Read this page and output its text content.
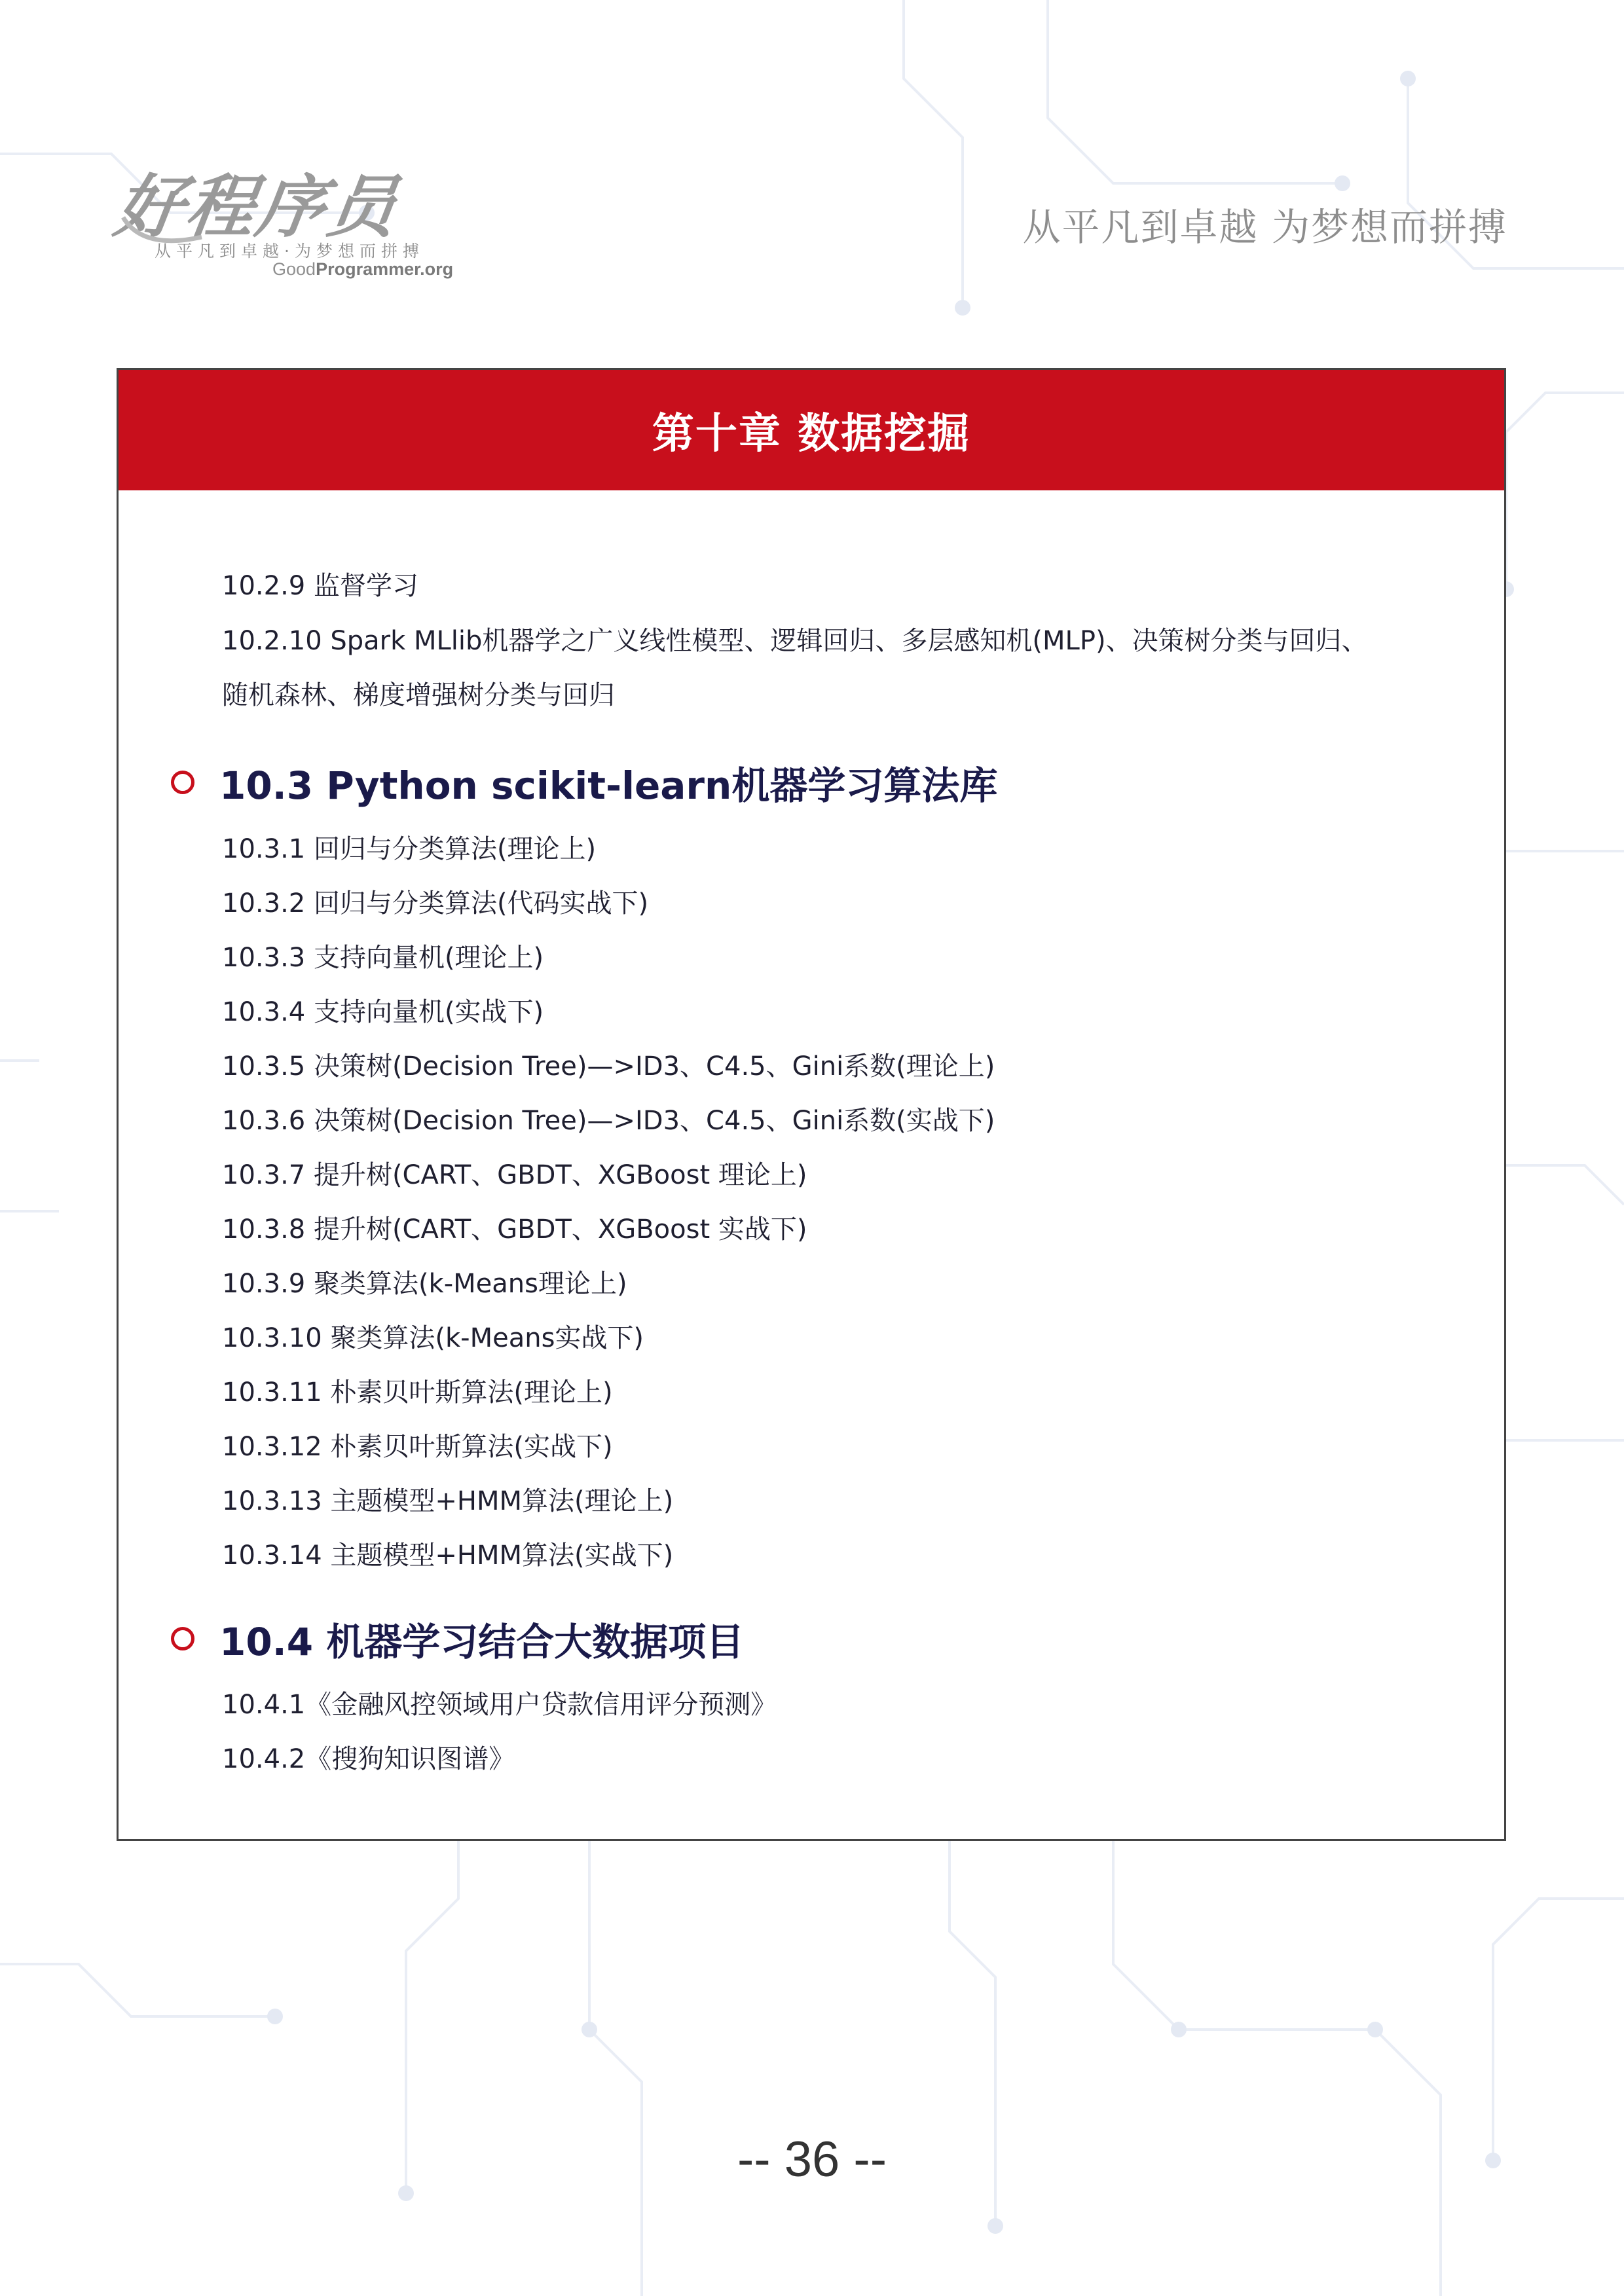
好程序员
从平凡到卓越·为梦想而拼搏
GoodProgrammer.org
从平凡到卓越 为梦想而拼搏
第十章 数据挖掘
10.2.9 监督学习
10.2.10 Spark MLlib机器学之广义线性模型、逻辑回归、多层感知机(MLP)、决策树分类与回归、
随机森林、梯度增强树分类与回归
10.3 Python scikit-learn机器学习算法库
10.3.1 回归与分类算法(理论上)
10.3.2 回归与分类算法(代码实战下)
10.3.3 支持向量机(理论上)
10.3.4 支持向量机(实战下)
10.3.5 决策树(Decision Tree)—>ID3、C4.5、Gini系数(理论上)
10.3.6 决策树(Decision Tree)—>ID3、C4.5、Gini系数(实战下)
10.3.7 提升树(CART、GBDT、XGBoost 理论上)
10.3.8 提升树(CART、GBDT、XGBoost 实战下)
10.3.9 聚类算法(k-Means理论上)
10.3.10 聚类算法(k-Means实战下)
10.3.11 朴素贝叶斯算法(理论上)
10.3.12 朴素贝叶斯算法(实战下)
10.3.13 主题模型+HMM算法(理论上)
10.3.14 主题模型+HMM算法(实战下)
10.4 机器学习结合大数据项目
10.4.1《金融风控领域用户贷款信用评分预测》
10.4.2《搜狗知识图谱》
-- 36 --
